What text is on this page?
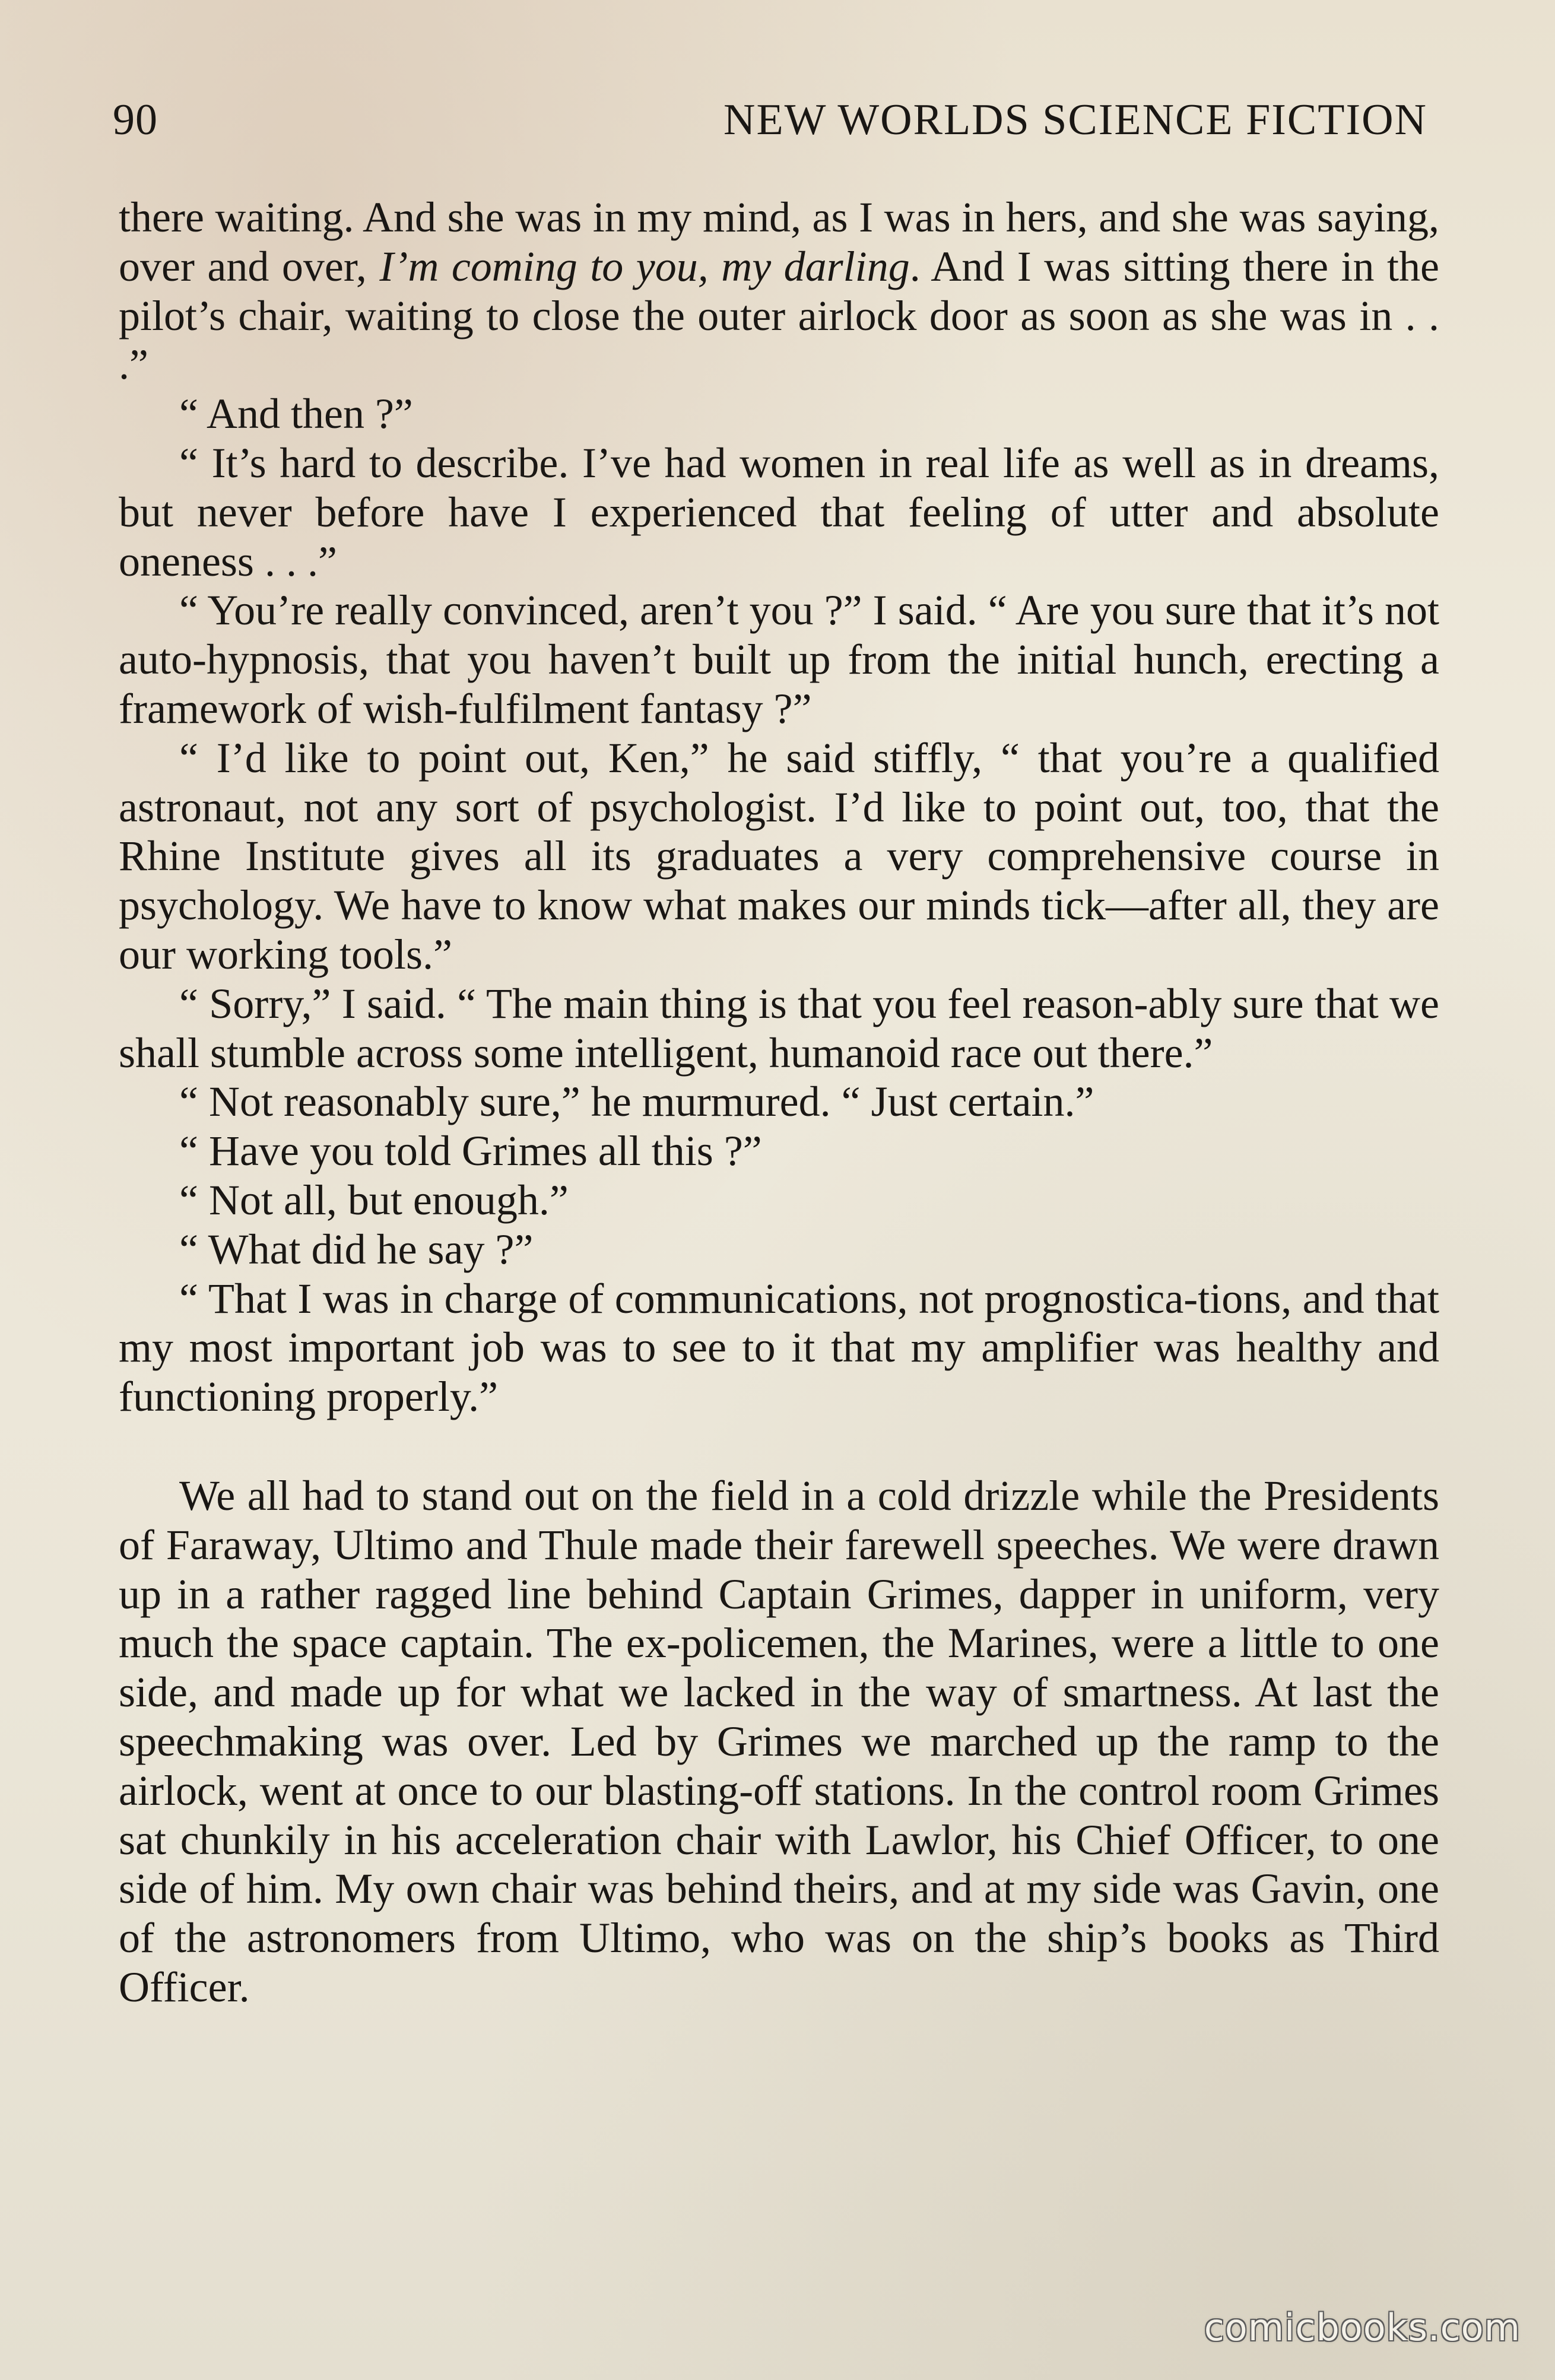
90	NEW WORLDS SCIENCE FICTION

there waiting. And she was in my mind, as I was in hers, and she was saying, over and over, I’m coming to you, my darling. And I was sitting there in the pilot’s chair, waiting to close the outer airlock door as soon as she was in . . .”

“ And then ?”

“ It’s hard to describe. I’ve had women in real life as well as in dreams, but never before have I experienced that feeling of utter and absolute oneness . . .”

“ You’re really convinced, aren’t you ?” I said. “ Are you sure that it’s not auto-hypnosis, that you haven’t built up from the initial hunch, erecting a framework of wish-fulfilment fantasy ?”

“ I’d like to point out, Ken,” he said stiffly, “ that you’re a qualified astronaut, not any sort of psychologist. I’d like to point out, too, that the Rhine Institute gives all its graduates a very comprehensive course in psychology. We have to know what makes our minds tick—after all, they are our working tools.”

“ Sorry,” I said. “ The main thing is that you feel reason-ably sure that we shall stumble across some intelligent, humanoid race out there.”

“ Not reasonably sure,” he murmured. “ Just certain.”

“ Have you told Grimes all this ?”

“ Not all, but enough.”

“ What did he say ?”

“ That I was in charge of communications, not prognostica-tions, and that my most important job was to see to it that my amplifier was healthy and functioning properly.”

We all had to stand out on the field in a cold drizzle while the Presidents of Faraway, Ultimo and Thule made their farewell speeches. We were drawn up in a rather ragged line behind Captain Grimes, dapper in uniform, very much the space captain. The ex-policemen, the Marines, were a little to one side, and made up for what we lacked in the way of smartness. At last the speechmaking was over. Led by Grimes we marched up the ramp to the airlock, went at once to our blasting-off stations. In the control room Grimes sat chunkily in his acceleration chair with Lawlor, his Chief Officer, to one side of him. My own chair was behind theirs, and at my side was Gavin, one of the astronomers from Ultimo, who was on the ship’s books as Third Officer.

comicbooks.com
